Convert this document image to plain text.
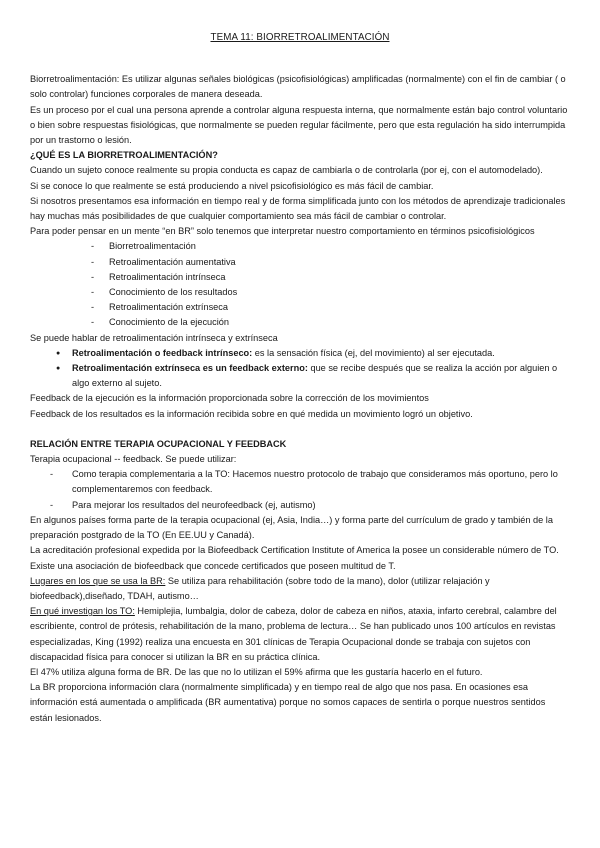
TEMA 11: BIORRETROALIMENTACIÓN

Biorretroalimentación: Es utilizar algunas señales biológicas (psicofisiológicas) amplificadas (normalmente) con el fin de cambiar ( o solo controlar) funciones corporales de manera deseada.

Es un proceso por el cual una persona aprende a controlar alguna respuesta interna, que normalmente están bajo control voluntario o bien sobre respuestas fisiológicas, que normalmente se pueden regular fácilmente, pero que esta regulación ha sido interrumpida por un trastorno o lesión.

¿QUÉ ES LA BIORRETROALIMENTACIÓN?

Cuando un sujeto conoce realmente su propia conducta es capaz de cambiarla o de controlarla (por ej, con el automodelado).

Si se conoce lo que realmente se está produciendo a nivel psicofisiológico es más fácil de cambiar.

Si nosotros presentamos esa información en tiempo real y de forma simplificada junto con los métodos de aprendizaje tradicionales hay muchas más posibilidades de que cualquier comportamiento sea más fácil de cambiar o controlar.

Para poder pensar en un mente “en BR” solo tenemos que interpretar nuestro comportamiento en términos psicofisiológicos

- Biorretroalimentación
- Retroalimentación aumentativa
- Retroalimentación intrínseca
- Conocimiento de los resultados
- Retroalimentación extrínseca
- Conocimiento de la ejecución

Se puede hablar de retroalimentación intrínseca y extrínseca

● Retroalimentación o feedback intrínseco: es la sensación física (ej, del movimiento) al ser ejecutada.
● Retroalimentación extrínseca es un feedback externo: que se recibe después que se realiza la acción por alguien o algo externo al sujeto.

Feedback de la ejecución es la información proporcionada sobre la corrección de los movimientos

Feedback de los resultados es la información recibida sobre en qué medida un movimiento logró un objetivo.

RELACIÓN ENTRE TERAPIA OCUPACIONAL Y FEEDBACK

Terapia ocupacional -- feedback. Se puede utilizar:

- Como terapia complementaria a la TO: Hacemos nuestro protocolo de trabajo que consideramos más oportuno, pero lo complementaremos con feedback.
- Para mejorar los resultados del neurofeedback (ej, autismo)

En algunos países forma parte de la terapia ocupacional (ej, Asia, India…) y forma parte del currículum de grado y también de la preparación postgrado de la TO (En EE.UU y Canadá).

La acreditación profesional expedida por la Biofeedback Certification Institute of America la posee un considerable número de TO.

Existe una asociación de biofeedback que concede certificados que poseen multitud de T.

Lugares en los que se usa la BR: Se utiliza para rehabilitación (sobre todo de la mano), dolor (utilizar relajación y biofeedback),diseñado, TDAH, autismo…

En qué investigan los TO: Hemiplejia, lumbalgia, dolor de cabeza, dolor de cabeza en niños, ataxia, infarto cerebral, calambre del escribiente, control de prótesis, rehabilitación de la mano, problema de lectura… Se han publicado unos 100 artículos en revistas especializadas, King (1992) realiza una encuesta en 301 clínicas de Terapia Ocupacional donde se trabaja con sujetos con discapacidad física para conocer si utilizan la BR en su práctica clínica.

El 47% utiliza alguna forma de BR. De las que no lo utilizan el 59% afirma que les gustaría hacerlo en el futuro.

La BR proporciona información clara (normalmente simplificada) y en tiempo real de algo que nos pasa. En ocasiones esa información está aumentada o amplificada (BR aumentativa) porque no somos capaces de sentirla o porque nuestros sentidos están lesionados.
